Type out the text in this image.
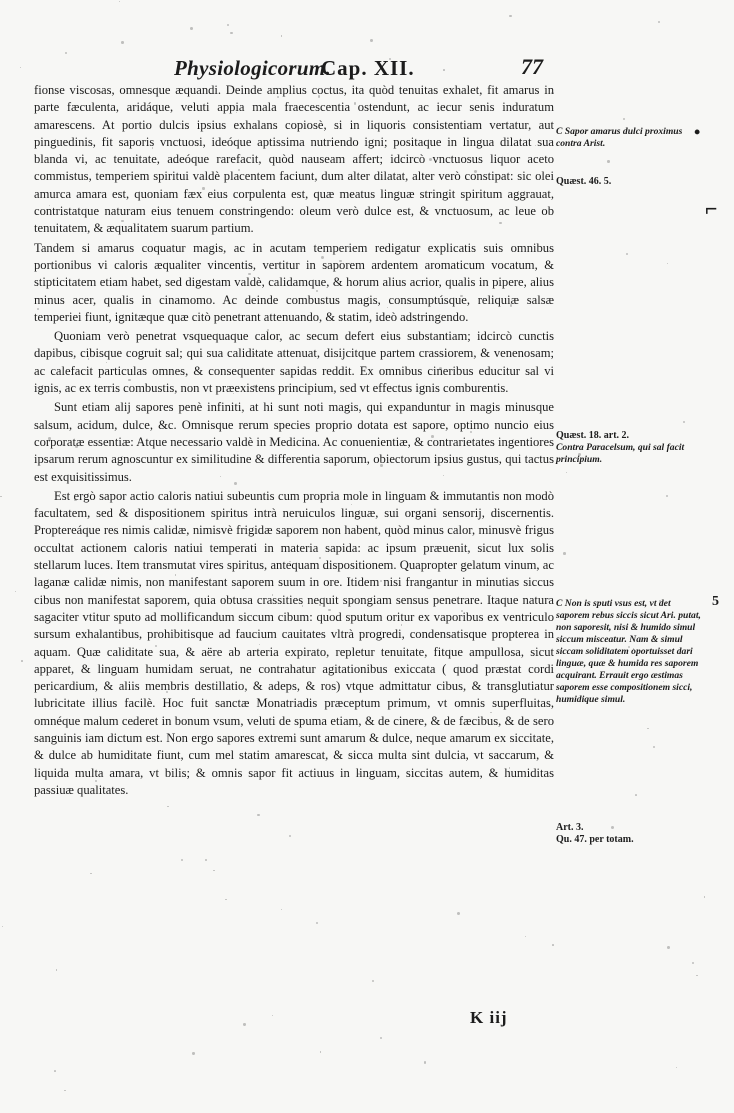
Physiologicorum.
Cap. XII.	77

fionse viscosas, omnesque æquandi. Deinde amplius coctus, ita quòd tenuitas exhalet, fit amarus in parte fæculenta, aridáque, veluti appia mala fraecescentia ostendunt, ac iecur senis induratum amarescens. At portio dulcis ipsius exhalans copiosè, si in liquoris consistentiam vertatur, aut pinguedinis, fit saporis vnctuosi, ideóque aptissima nutriendo igni; positaque in lingua dilatat sua blanda vi, ac tenuitate, adeóque rarefacit, quòd nauseam affert; idcircò vnctuosus liquor aceto commistus, temperiem spiritui valdè placentem faciunt, dum alter dilatat, alter verò constipat: sic olei amurca amara est, quoniam fæx eius corpulenta est, quæ meatus linguæ stringit spiritum aggrauat, contristatque naturam eius tenuem constringendo: oleum verò dulce est, & vnctuosum, ac leue ob tenuitatem, & æqualitatem suarum partium.

Tandem si amarus coquatur magis, ac in acutam temperiem redigatur explicatis suis omnibus portionibus vi caloris æqualiter vincentis, vertitur in saporem ardentem aromaticum vocatum, & stipticitatem etiam habet, sed digestam valdè, calidamque, & horum alius acrior, qualis in pipere, alius minus acer, qualis in cinamomo. Ac deinde combustus magis, consumptúsque, reliquiæ salsæ temperiei fiunt, ignitæque quæ citò penetrant attenuando, & statim, ideò adstringendo.

Quoniam verò penetrat vsquequaque calor, ac secum defert eius substantiam; idcircò cunctis dapibus, cibisque cogruit sal; qui sua caliditate attenuat, disijcitque partem crassiorem, & venenosam; ac calefacit particulas omnes, & consequenter sapidas reddit. Ex omnibus cineribus educitur sal vi ignis, ac ex terris combustis, non vt præexistens principium, sed vt effectus ignis comburentis.

Sunt etiam alij sapores penè infiniti, at hi sunt noti magis, qui expanduntur in magis minusque salsum, acidum, dulce, &c. Omnisque rerum species proprio dotata est sapore, optimo nuncio eius corporatæ essentiæ: Atque necessario valdè in Medicina. Ac conuenientiæ, & contrarietates ingentiores ipsarum rerum agnoscuntur ex similitudine & differentia saporum, obiectorum ipsius gustus, qui tactus est exquisitissimus.

Est ergò sapor actio caloris natiui subeuntis cum propria mole in linguam & immutantis non modò facultatem, sed & dispositionem spiritus intrà neruiculos linguæ, sui organi sensorij, discernentis. Proptereáque res nimis calidæ, nimisvè frigidæ saporem non habent, quòd minus calor, minusvè frigus occultat actionem caloris natiui temperati in materia sapida: ac ipsum præuenit, sicut lux solis stellarum luces. Item transmutat vires spiritus, antequam dispositionem. Quapropter gelatum vinum, ac laganæ calidæ nimis, non manifestant saporem suum in ore. Itidem nisi frangantur in minutias siccus cibus non manifestat saporem, quia obtusa crassities nequit spongiam sensus penetrare. Itaque natura sagaciter vtitur sputo ad mollificandum siccum cibum: quod sputum oritur ex vaporibus ex ventriculo sursum exhalantibus, prohibitisque ad faucium cauitates vltrà progredi, condensatisque propterea in aquam. Quæ caliditate sua, & aëre ab arteria expirato, repletur tenuitate, fitque ampullosa, sicut apparet, & linguam humidam seruat, ne contrahatur agitationibus exiccata ( quod præstat cordi pericardium, & aliis membris destillatio, & adeps, & ros) vtque admittatur cibus, & transglutiatur lubricitate illius facilè. Hoc fuit sanctæ Monatriadis præceptum primum, vt omnis superfluitas, omnéque malum cederet in bonum vsum, veluti de spuma etiam, & de cinere, & de fæcibus, & de sero sanguinis iam dictum est. Non ergo sapores extremi sunt amarum & dulce, neque amarum ex siccitate, & dulce ab humiditate fiunt, cum mel statim amarescat, & sicca multa sint dulcia, vt saccarum, & liquida multa amara, vt bilis; & omnis sapor fit actiuus in linguam, siccitas autem, & humiditas passiuæ qualitates.

C Sapor amarus dulci proximus contra Arist.
Quæst. 46. 5.
Quæst. 18. art. 2.
Contra Paracelsum, qui sal facit principium.
C Non is sputi vsus est, vt det saporem rebus siccis sicut Ari. putat, non saporesit, nisi & humido simul siccum misceatur. Nam & simul siccam soliditatem oportuisset dari linguæ, quæ & humida res saporem acquirant. Errauit ergo æstimas saporem esse compositionem sicci, humidique simul.
Art. 3.
Qu. 47. per totam.
•
⌐
5
K iij
